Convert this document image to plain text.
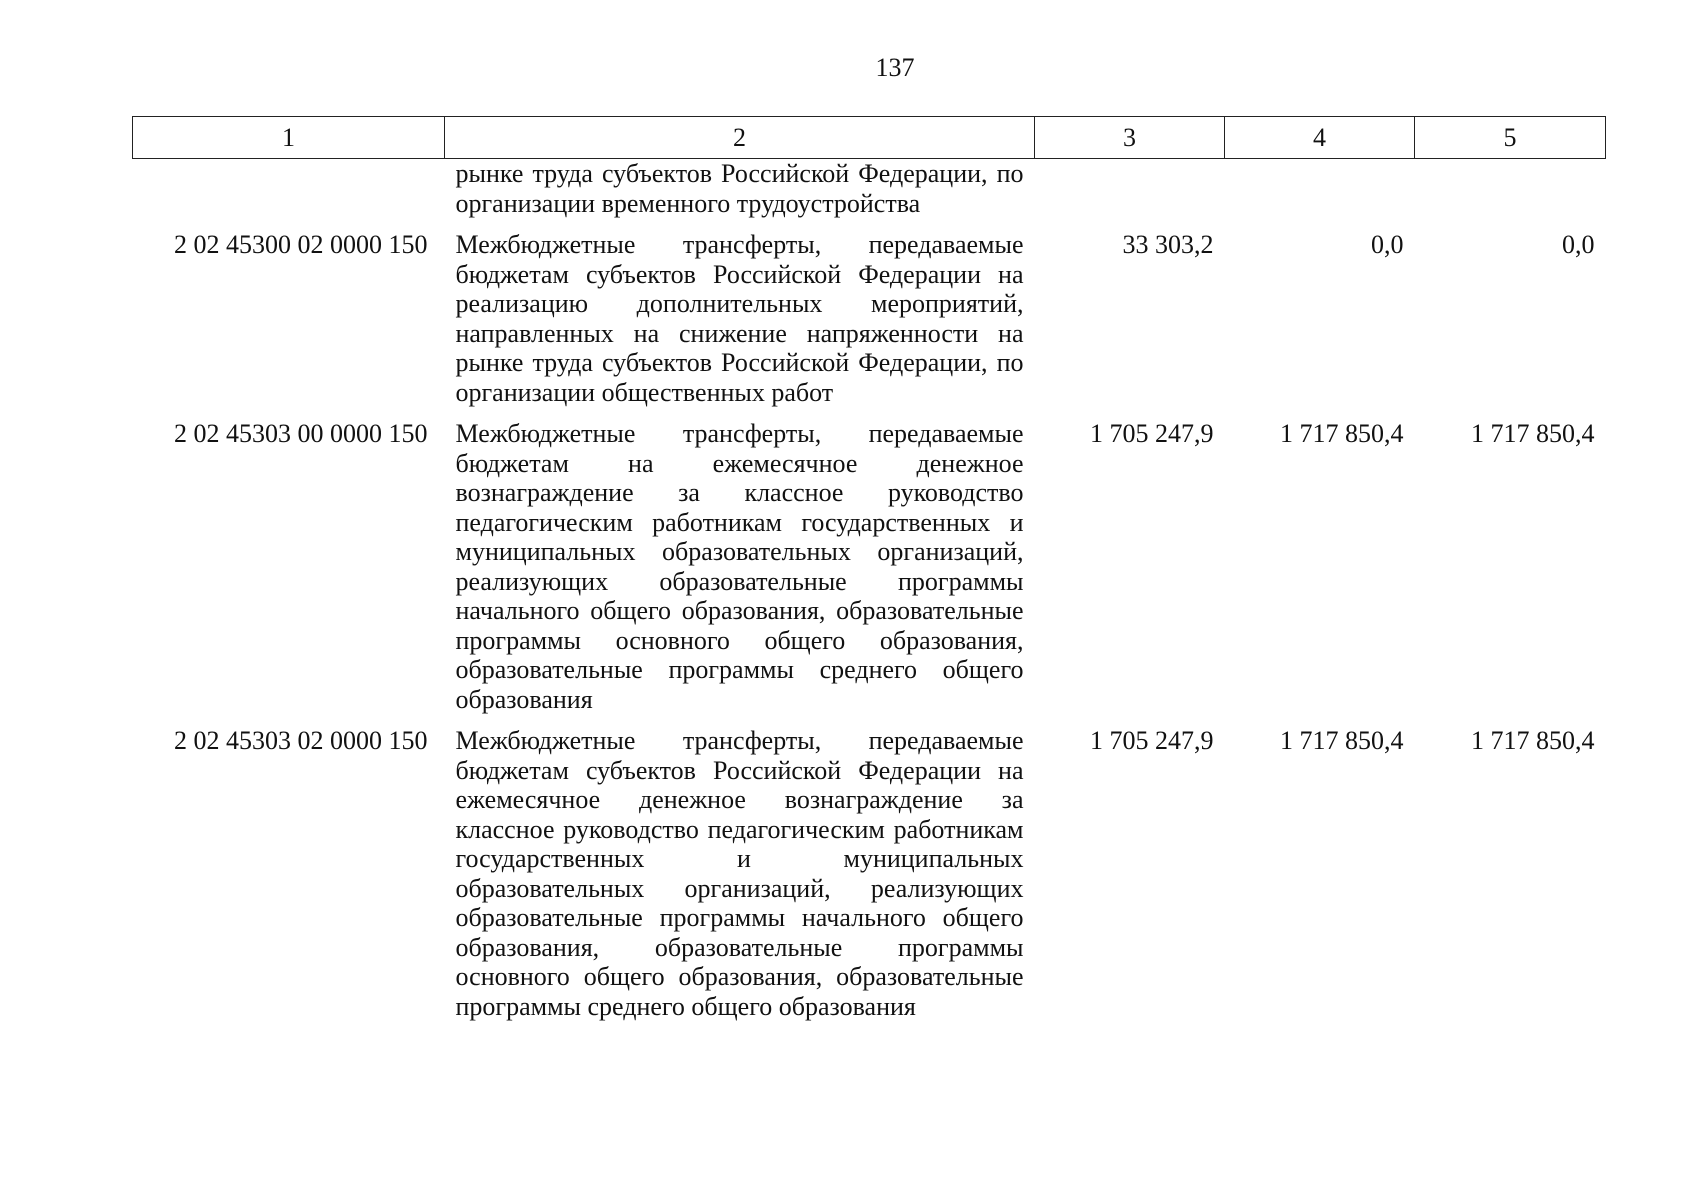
137
1	2	3	4	5
	рынке труда субъектов Российской Федерации, по организации временного трудоустройства			
2 02 45300 02 0000 150	Межбюджетные трансферты, передаваемые бюджетам субъектов Российской Федерации на реализацию дополнительных мероприятий, направленных на снижение напряженности на рынке труда субъектов Российской Федерации, по организации общественных работ	33 303,2	0,0	0,0
2 02 45303 00 0000 150	Межбюджетные трансферты, передаваемые бюджетам на ежемесячное денежное вознаграждение за классное руководство педагогическим работникам государственных и муниципальных образовательных организаций, реализующих образовательные программы начального общего образования, образовательные программы основного общего образования, образовательные программы среднего общего образования	1 705 247,9	1 717 850,4	1 717 850,4
2 02 45303 02 0000 150	Межбюджетные трансферты, передаваемые бюджетам субъектов Российской Федерации на ежемесячное денежное вознаграждение за классное руководство педагогическим работникам государственных и муниципальных образовательных организаций, реализующих образовательные программы начального общего образования, образовательные программы основного общего образования, образовательные программы среднего общего образования	1 705 247,9	1 717 850,4	1 717 850,4
